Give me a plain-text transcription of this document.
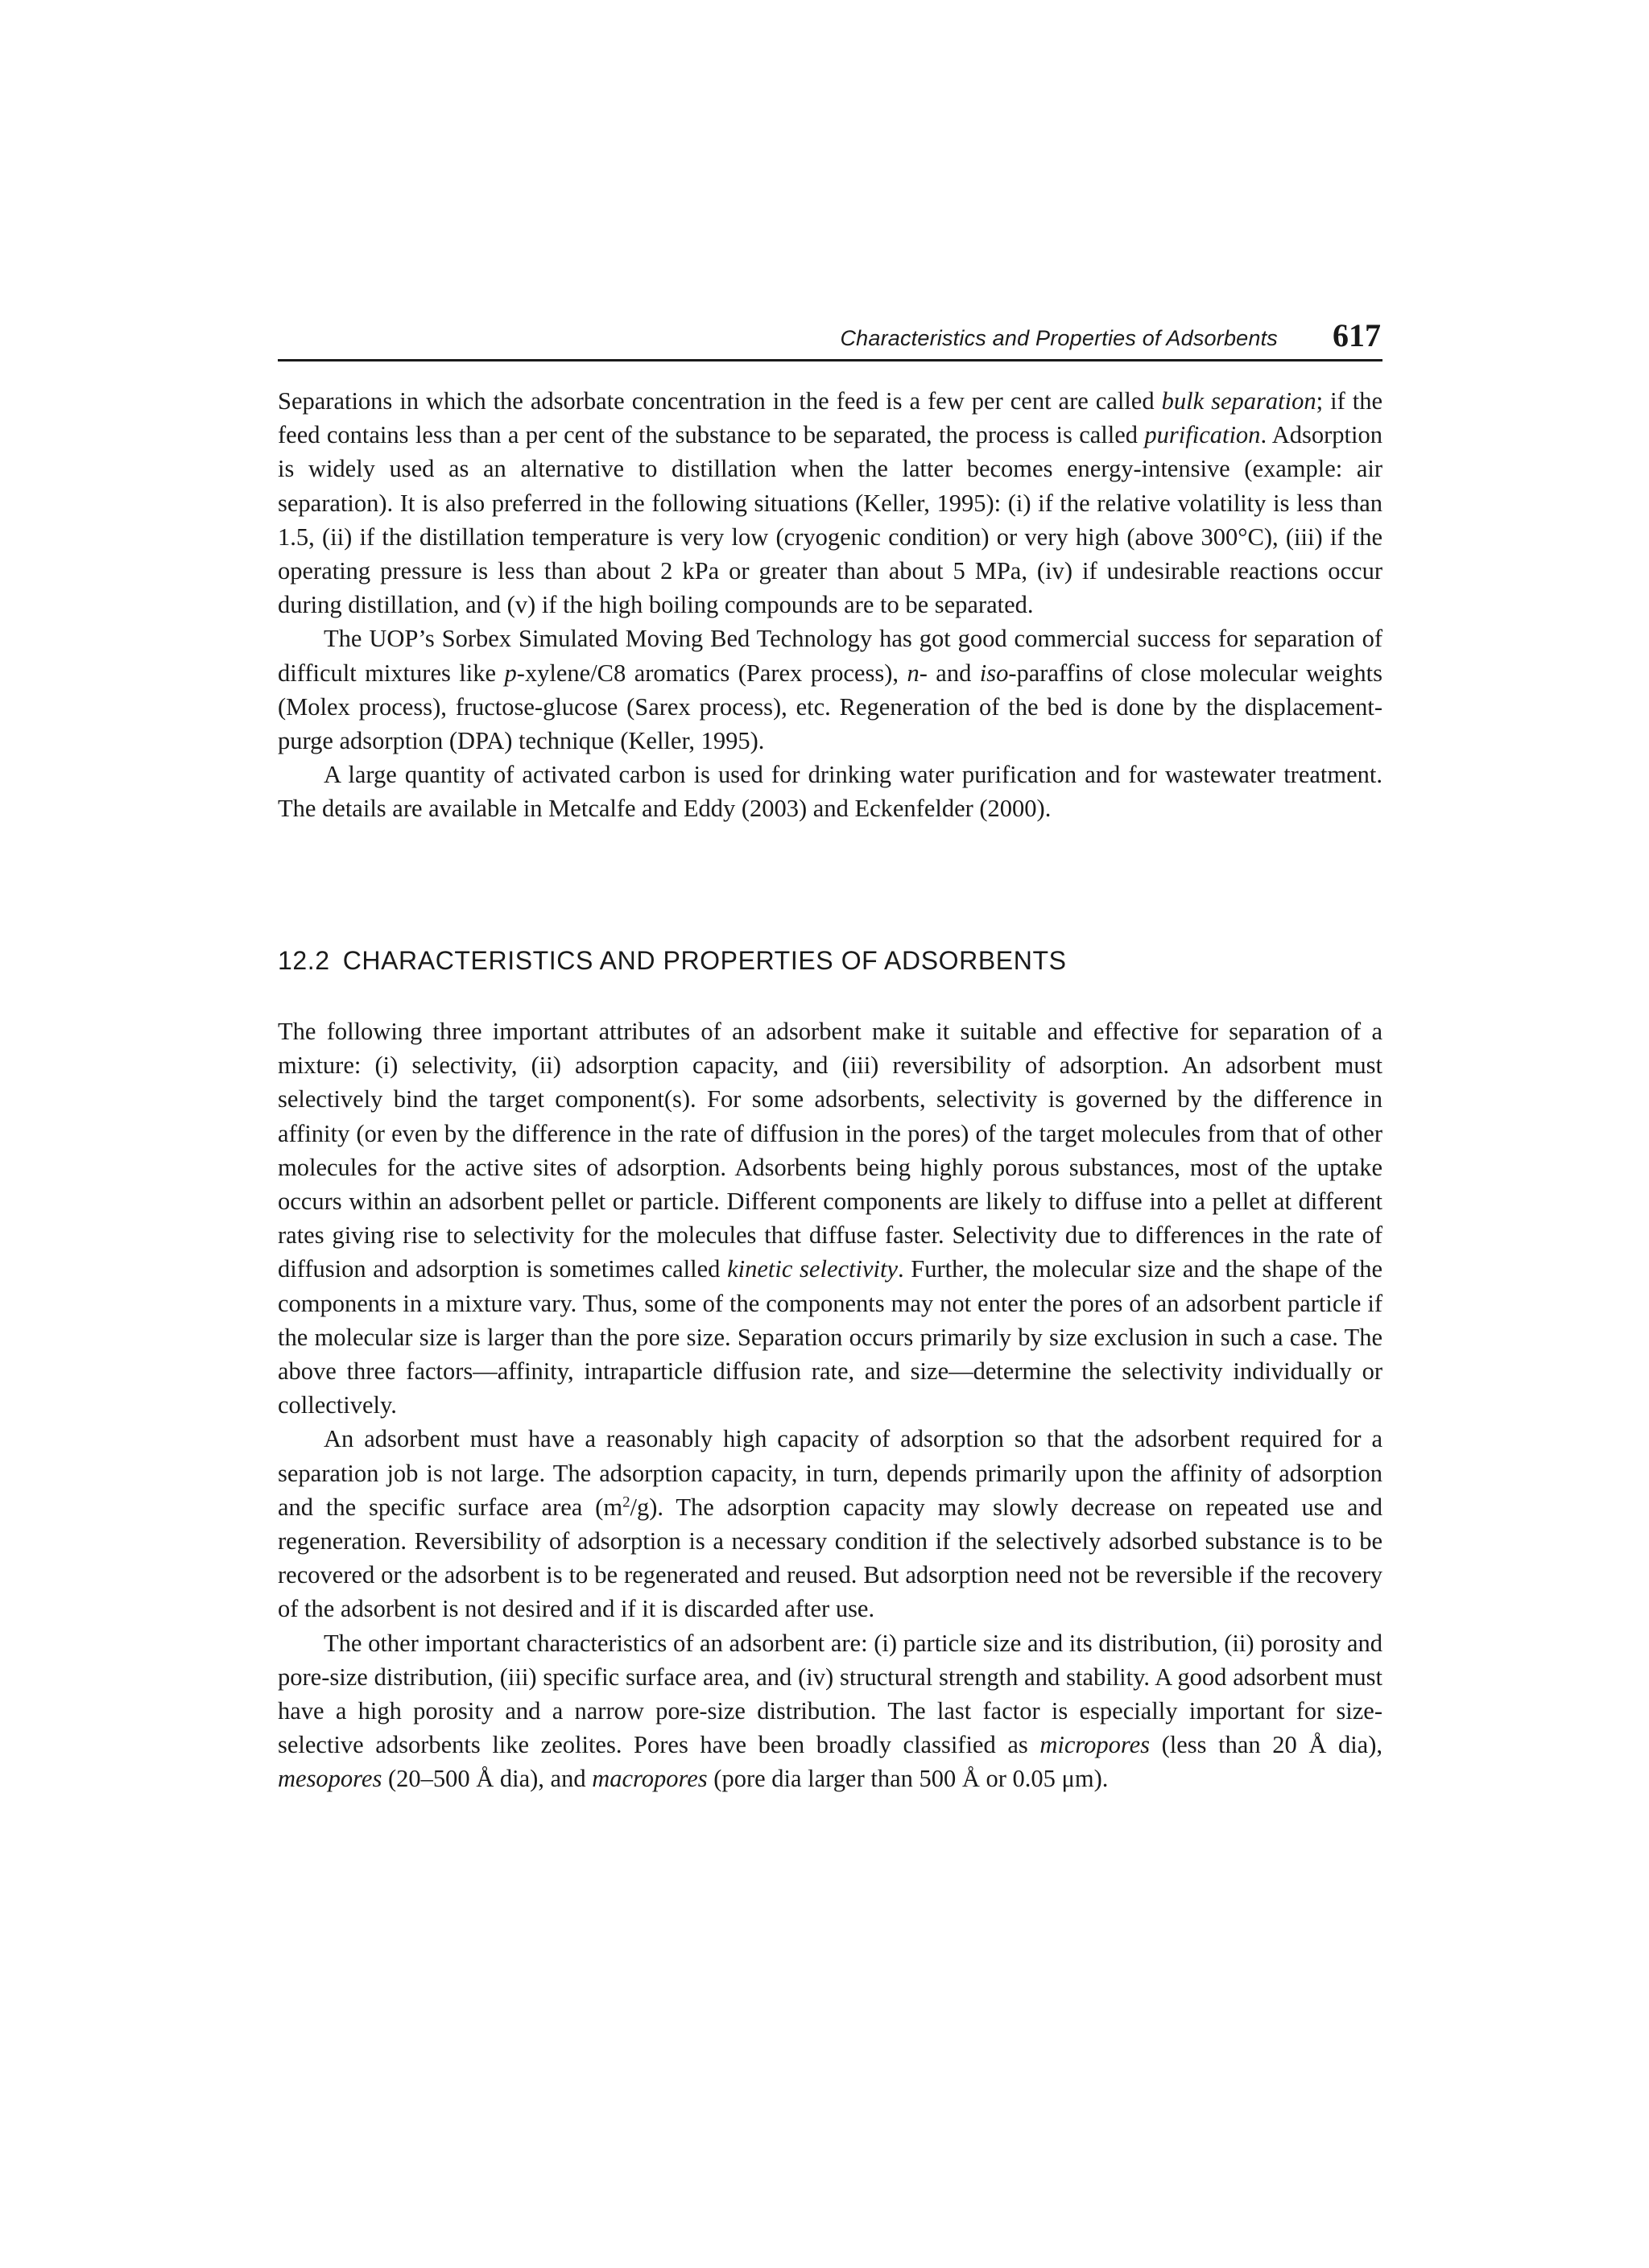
Characteristics and Properties of Adsorbents 617

Separations in which the adsorbate concentration in the feed is a few per cent are called bulk separation; if the feed contains less than a per cent of the substance to be separated, the process is called purification. Adsorption is widely used as an alternative to distillation when the latter becomes energy-intensive (example: air separation). It is also preferred in the following situations (Keller, 1995): (i) if the relative volatility is less than 1.5, (ii) if the distillation temperature is very low (cryogenic condition) or very high (above 300°C), (iii) if the operating pressure is less than about 2 kPa or greater than about 5 MPa, (iv) if undesirable reactions occur during distillation, and (v) if the high boiling compounds are to be separated.

The UOP’s Sorbex Simulated Moving Bed Technology has got good commercial success for separation of difficult mixtures like p-xylene/C8 aromatics (Parex process), n- and iso-paraffins of close molecular weights (Molex process), fructose-glucose (Sarex process), etc. Regeneration of the bed is done by the displacement-purge adsorption (DPA) technique (Keller, 1995).

A large quantity of activated carbon is used for drinking water purification and for wastewater treatment. The details are available in Metcalfe and Eddy (2003) and Eckenfelder (2000).

12.2 CHARACTERISTICS AND PROPERTIES OF ADSORBENTS

The following three important attributes of an adsorbent make it suitable and effective for separation of a mixture: (i) selectivity, (ii) adsorption capacity, and (iii) reversibility of adsorption. An adsorbent must selectively bind the target component(s). For some adsorbents, selectivity is governed by the difference in affinity (or even by the difference in the rate of diffusion in the pores) of the target molecules from that of other molecules for the active sites of adsorption. Adsorbents being highly porous substances, most of the uptake occurs within an adsorbent pellet or particle. Different components are likely to diffuse into a pellet at different rates giving rise to selectivity for the molecules that diffuse faster. Selectivity due to differences in the rate of diffusion and adsorption is sometimes called kinetic selectivity. Further, the molecular size and the shape of the components in a mixture vary. Thus, some of the components may not enter the pores of an adsorbent particle if the molecular size is larger than the pore size. Separation occurs primarily by size exclusion in such a case. The above three factors—affinity, intraparticle diffusion rate, and size—determine the selectivity individually or collectively.

An adsorbent must have a reasonably high capacity of adsorption so that the adsorbent required for a separation job is not large. The adsorption capacity, in turn, depends primarily upon the affinity of adsorption and the specific surface area $(m^2/g)$. The adsorption capacity may slowly decrease on repeated use and regeneration. Reversibility of adsorption is a necessary condition if the selectively adsorbed substance is to be recovered or the adsorbent is to be regenerated and reused. But adsorption need not be reversible if the recovery of the adsorbent is not desired and if it is discarded after use.

The other important characteristics of an adsorbent are: (i) particle size and its distribution, (ii) porosity and pore-size distribution, (iii) specific surface area, and (iv) structural strength and stability. A good adsorbent must have a high porosity and a narrow pore-size distribution. The last factor is especially important for size-selective adsorbents like zeolites. Pores have been broadly classified as micropores (less than 20 Å dia), mesopores (20–500 Å dia), and macropores (pore dia larger than 500 Å or 0.05 μm).
